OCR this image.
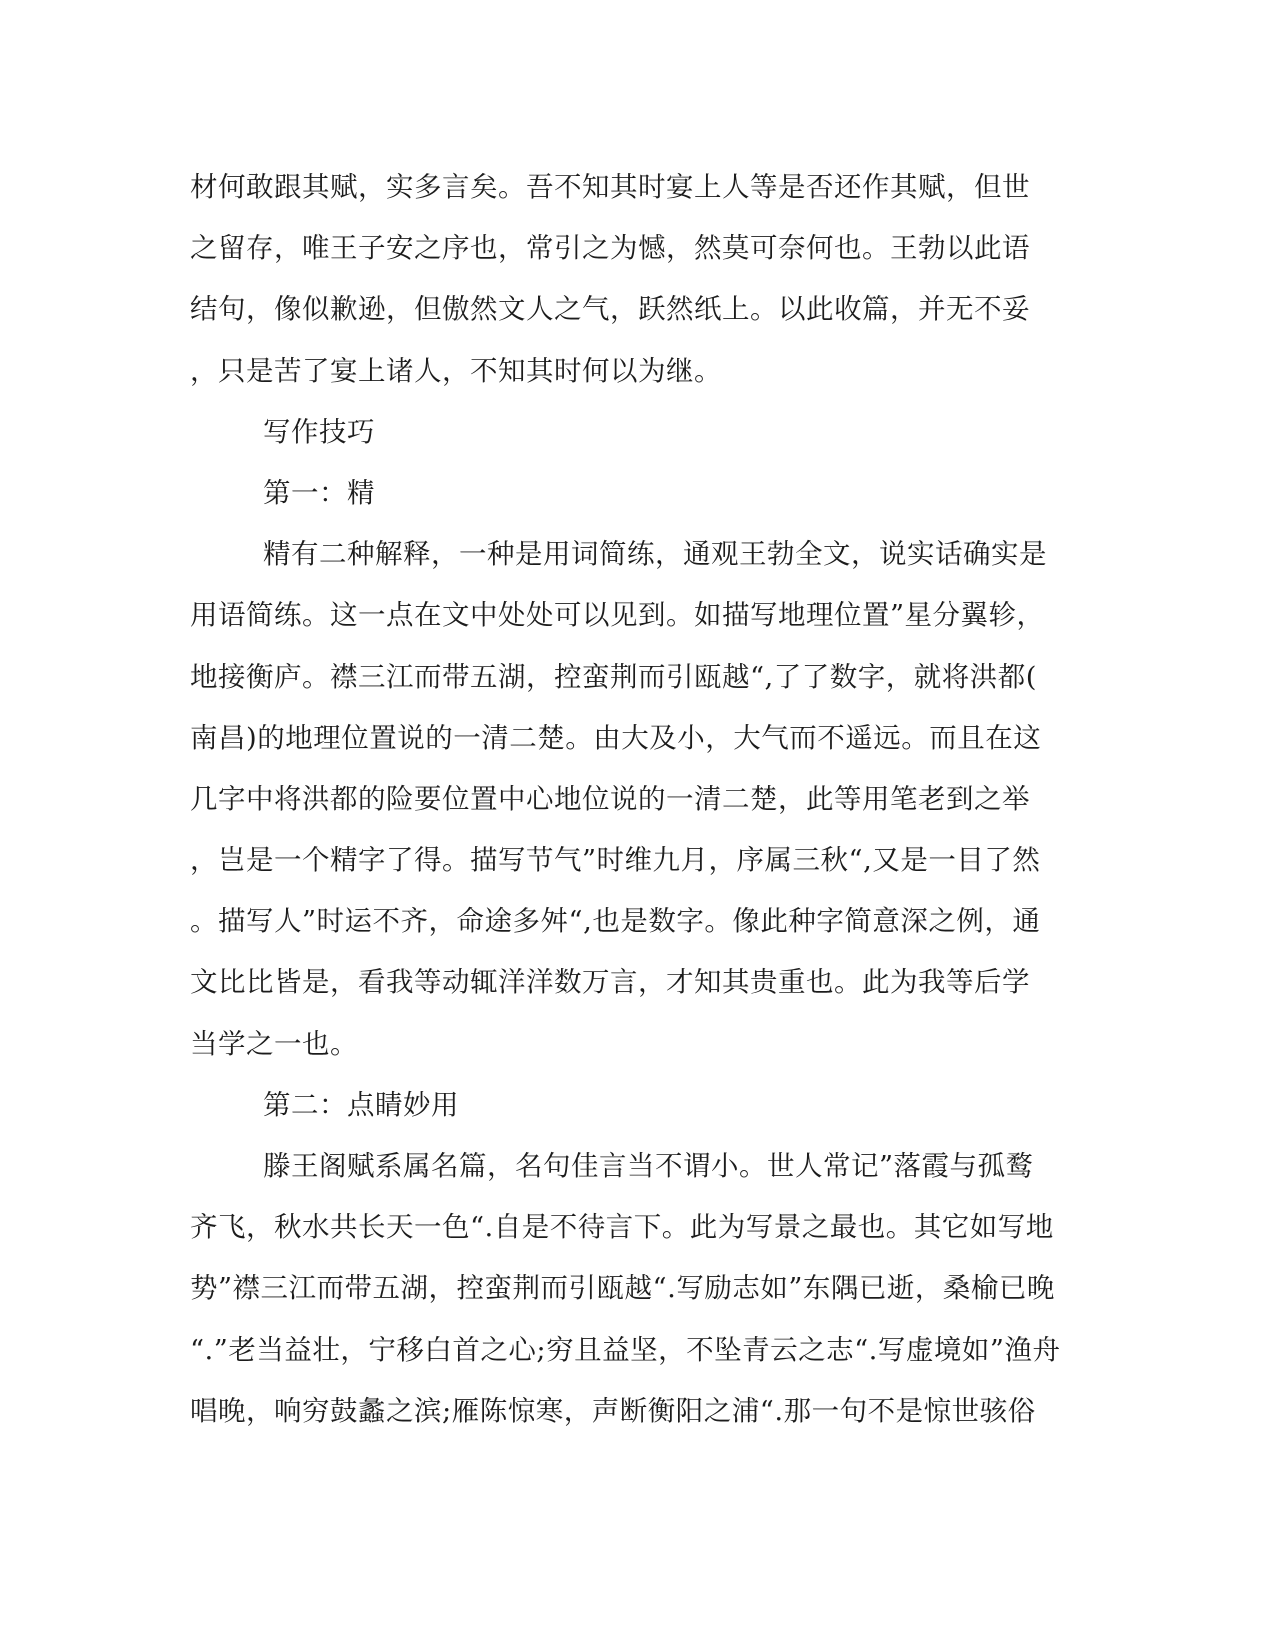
材何敢跟其赋，实多言矣。吾不知其时宴上人等是否还作其赋，但世
之留存，唯王子安之序也，常引之为憾，然莫可奈何也。王勃以此语
结句，像似歉逊，但傲然文人之气，跃然纸上。以此收篇，并无不妥
，只是苦了宴上诸人，不知其时何以为继。
写作技巧
第一：精
精有二种解释，一种是用词简练，通观王勃全文，说实话确实是
用语简练。这一点在文中处处可以见到。如描写地理位置”星分翼轸，
地接衡庐。襟三江而带五湖，控蛮荆而引瓯越“,了了数字，就将洪都(
南昌)的地理位置说的一清二楚。由大及小，大气而不遥远。而且在这
几字中将洪都的险要位置中心地位说的一清二楚，此等用笔老到之举
，岂是一个精字了得。描写节气”时维九月，序属三秋“,又是一目了然
。描写人”时运不齐，命途多舛“,也是数字。像此种字简意深之例，通
文比比皆是，看我等动辄洋洋数万言，才知其贵重也。此为我等后学
当学之一也。
第二：点睛妙用
滕王阁赋系属名篇，名句佳言当不谓小。世人常记”落霞与孤鹜
齐飞，秋水共长天一色“.自是不待言下。此为写景之最也。其它如写地
势”襟三江而带五湖，控蛮荆而引瓯越“.写励志如”东隅已逝，桑榆已晚
“.”老当益壮，宁移白首之心;穷且益坚，不坠青云之志“.写虚境如”渔舟
唱晚，响穷鼓蠡之滨;雁陈惊寒，声断衡阳之浦“.那一句不是惊世骇俗
